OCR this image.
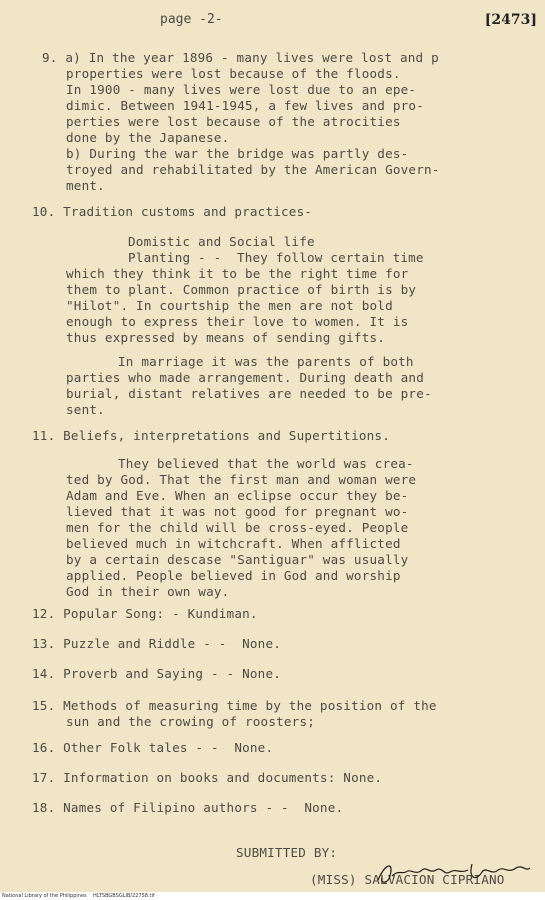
page -2-	[2473]
9. a) In the year 1896 - many lives were lost and p
properties were lost because of the floods.
In 1900 - many lives were lost due to an epe-
dimic. Between 1941-1945, a few lives and pro-
perties were lost because of the atrocities
done by the Japanese.
b) During the war the bridge was partly des-
troyed and rehabilitated by the American Govern-
ment.
10. Tradition customs and practices-
Domistic and Social life
Planting - -  They follow certain time
which they think it to be the right time for
them to plant. Common practice of birth is by
"Hilot". In courtship the men are not bold
enough to express their love to women. It is
thus expressed by means of sending gifts.
In marriage it was the parents of both
parties who made arrangement. During death and
burial, distant relatives are needed to be pre-
sent.
11. Beliefs, interpretations and Supertitions.
They believed that the world was crea-
ted by God. That the first man and woman were
Adam and Eve. When an eclipse occur they be-
lieved that it was not good for pregnant wo-
men for the child will be cross-eyed. People
believed much in witchcraft. When afflicted
by a certain descase "Santiguar" was usually
applied. People believed in God and worship
God in their own way.
12. Popular Song: - Kundiman.
13. Puzzle and Riddle - -  None.
14. Proverb and Saying - - None.
15. Methods of measuring time by the position of the
sun and the crowing of roosters;
16. Other Folk tales - -  None.
17. Information on books and documents: None.
18. Names of Filipino authors - -  None.
SUBMITTED BY:
(MISS) SALVACION CIPRIANO
National Library of the Philippines    HLTSBGBSGLIB/22758.tif
